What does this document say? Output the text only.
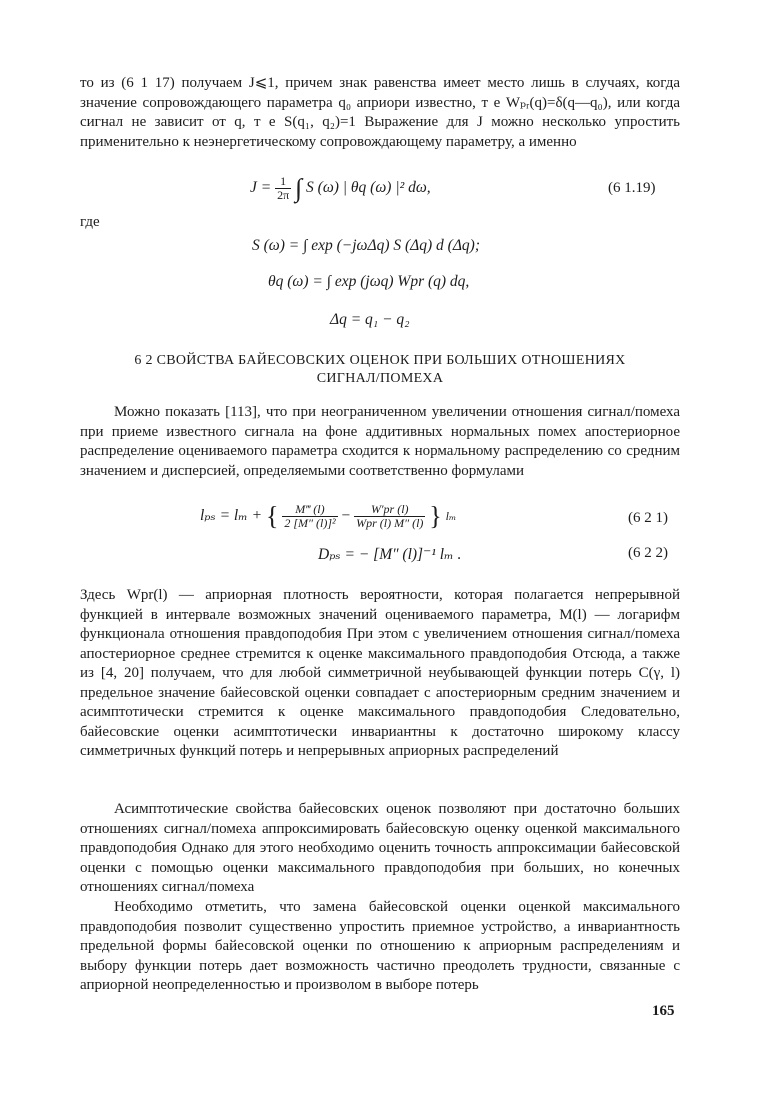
то из (6 1 17) получаем J⩽1, причем знак равенства имеет место лишь в случаях, когда значение сопровождающего параметра q₀ априори известно, т е Wₚᵣ(q)=δ(q—q₀), или когда сигнал не зависит от q, т е S(q₁, q₂)=1 Выражение для J можно несколько упростить применительно к неэнергетическому сопровождающему параметру, а именно

$J = \frac{1}{2\pi}$ ∫ S (ω) | θq (ω) |² dω,	(6 1.19)
где
S (ω) = ∫ exp (−jωΔq) S (Δq) d (Δq);
θq (ω) = ∫ exp (jωq) Wpr (q) dq,
Δq = q₁ − q₂
6 2 СВОЙСТВА БАЙЕСОВСКИХ ОЦЕНОК ПРИ БОЛЬШИХ ОТНОШЕНИЯХ
СИГНАЛ/ПОМЕХА

Можно показать [113], что при неограниченном увеличении отношения сигнал/помеха при приеме известного сигнала на фоне аддитивных нормальных помех апостериорное распределение оцениваемого параметра сходится к нормальному распределению со средним значением и дисперсией, определяемыми соответственно формулами

lₚₛ = lₘ + { $\frac{M‴ (l)}{\text{2 [M″ (l)]²}} - \frac{W'pr (l)}{\text{Wpr (l) M″ (l)}}$ } lₘ	(6 2 1)
Dₚₛ = − [M″ (l)]⁻¹ lₘ .	(6 2 2)

Здесь Wpr(l) — априорная плотность вероятности, которая полагается непрерывной функцией в интервале возможных значений оцениваемого параметра, M(l) — логарифм функционала отношения правдоподобия При этом с увеличением отношения сигнал/помеха апостериорное среднее стремится к оценке максимального правдоподобия Отсюда, а также из [4, 20] получаем, что для любой симметричной неубывающей функции потерь C(γ, l) предельное значение байесовской оценки совпадает с апостериорным средним значением и асимптотически стремится к оценке максимального правдоподобия Следовательно, байесовские оценки асимптотически инвариантны к достаточно широкому классу симметричных функций потерь и непрерывных априорных распределений

Асимптотические свойства байесовских оценок позволяют при достаточно больших отношениях сигнал/помеха аппроксимировать байесовскую оценку оценкой максимального правдоподобия Однако для этого необходимо оценить точность аппроксимации байесовской оценки с помощью оценки максимального правдоподобия при больших, но конечных отношениях сигнал/помеха

Необходимо отметить, что замена байесовской оценки оценкой максимального правдоподобия позволит существенно упростить приемное устройство, а инвариантность предельной формы байесовской оценки по отношению к априорным распределениям и выбору функции потерь дает возможность частично преодолеть трудности, связанные с априорной неопределенностью и произволом в выборе потерь

165
